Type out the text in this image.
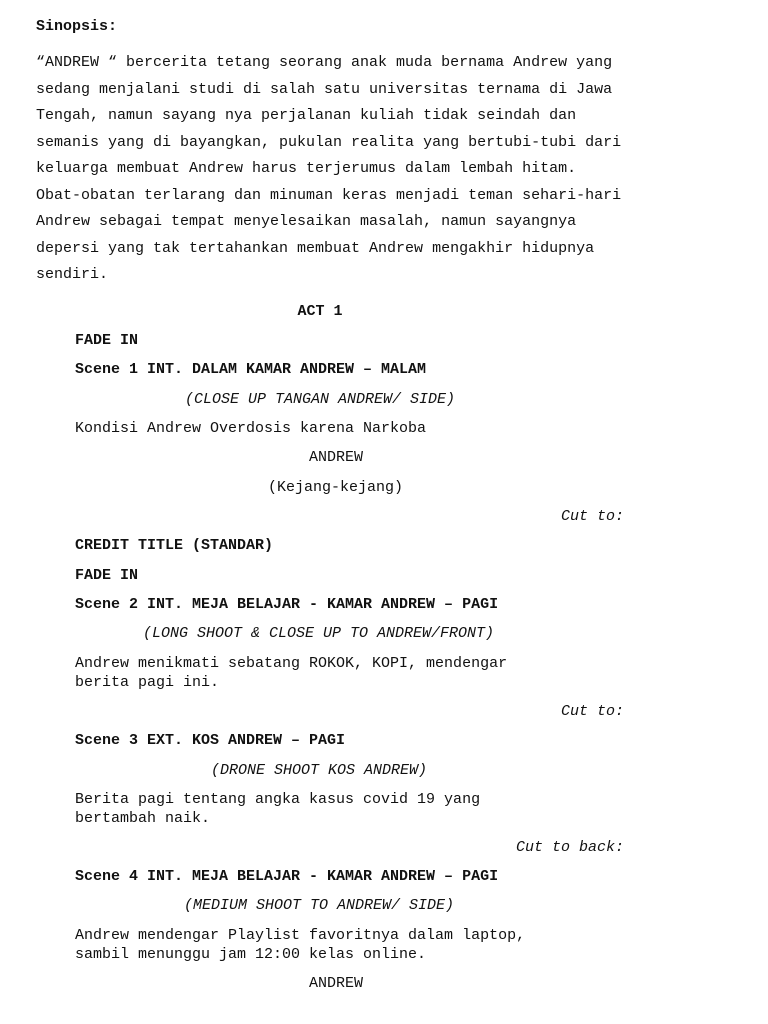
Sinopsis:
“ANDREW “ bercerita tetang seorang anak muda bernama Andrew yang
sedang menjalani studi di salah satu universitas ternama di Jawa
Tengah, namun sayang nya perjalanan kuliah tidak seindah dan
semanis yang di bayangkan, pukulan realita yang bertubi-tubi dari
keluarga membuat Andrew harus terjerumus dalam lembah hitam.
Obat-obatan terlarang dan minuman keras menjadi teman sehari-hari
Andrew sebagai tempat menyelesaikan masalah, namun sayangnya
depersi yang tak tertahankan membuat Andrew mengakhir hidupnya
sendiri.
ACT 1
FADE IN
Scene 1 INT. DALAM KAMAR ANDREW – MALAM
(CLOSE UP TANGAN ANDREW/ SIDE)
Kondisi Andrew Overdosis karena Narkoba
ANDREW
(Kejang-kejang)
Cut to:
CREDIT TITLE (STANDAR)
FADE IN
Scene 2 INT. MEJA BELAJAR - KAMAR ANDREW – PAGI
(LONG SHOOT & CLOSE UP TO ANDREW/FRONT)
Andrew menikmati sebatang ROKOK, KOPI, mendengar
berita pagi ini.
Cut to:
Scene 3 EXT. KOS ANDREW – PAGI
(DRONE SHOOT KOS ANDREW)
Berita pagi tentang angka kasus covid 19 yang
bertambah naik.
Cut to back:
Scene 4 INT. MEJA BELAJAR - KAMAR ANDREW – PAGI
(MEDIUM SHOOT TO ANDREW/ SIDE)
Andrew mendengar Playlist favoritnya dalam laptop,
sambil menunggu jam 12:00 kelas online.
ANDREW
